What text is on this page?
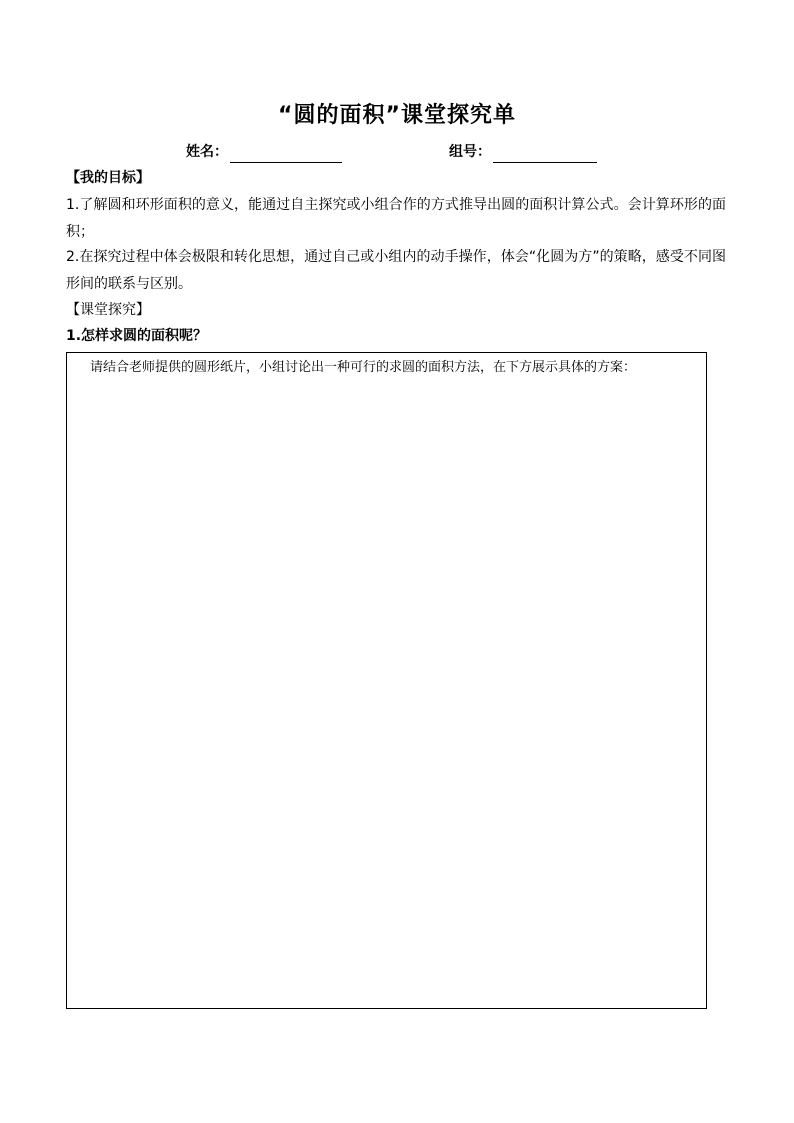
“圆的面积”课堂探究单
姓名：	组号：
【我的目标】
1.了解圆和环形面积的意义，能通过自主探究或小组合作的方式推导出圆的面积计算公式。会计算环形的面积；
2.在探究过程中体会极限和转化思想，通过自己或小组内的动手操作，体会“化圆为方”的策略，感受不同图形间的联系与区别。
【课堂探究】
1.怎样求圆的面积呢？
请结合老师提供的圆形纸片，小组讨论出一种可行的求圆的面积方法，在下方展示具体的方案：
